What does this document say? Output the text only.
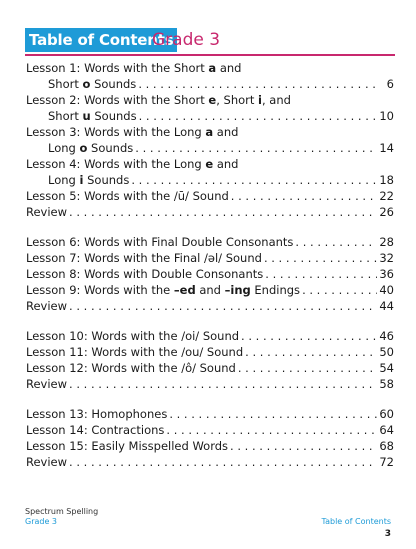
Table of Contents
Grade 3
Lesson 1: Words with the Short a and
Short o Sounds . . .	6
Lesson 2: Words with the Short e, Short i, and
Short u Sounds . . .	10
Lesson 3: Words with the Long a and
Long o Sounds . . .	14
Lesson 4: Words with the Long e and
Long i Sounds . . .	18
Lesson 5: Words with the /ū/ Sound . . .	22
Review . . .	26
Lesson 6: Words with Final Double Consonants . . .	28
Lesson 7: Words with the Final /əl/ Sound . . .	32
Lesson 8: Words with Double Consonants . . .	36
Lesson 9: Words with the –ed and –ing Endings . . .	40
Review . . .	44
Lesson 10: Words with the /oi/ Sound . . .	46
Lesson 11: Words with the /ou/ Sound . . .	50
Lesson 12: Words with the /ô/ Sound . . .	54
Review . . .	58
Lesson 13: Homophones . . .	60
Lesson 14: Contractions . . .	64
Lesson 15: Easily Misspelled Words . . .	68
Review . . .	72
Spectrum Spelling
Grade 3	Table of Contents
3
